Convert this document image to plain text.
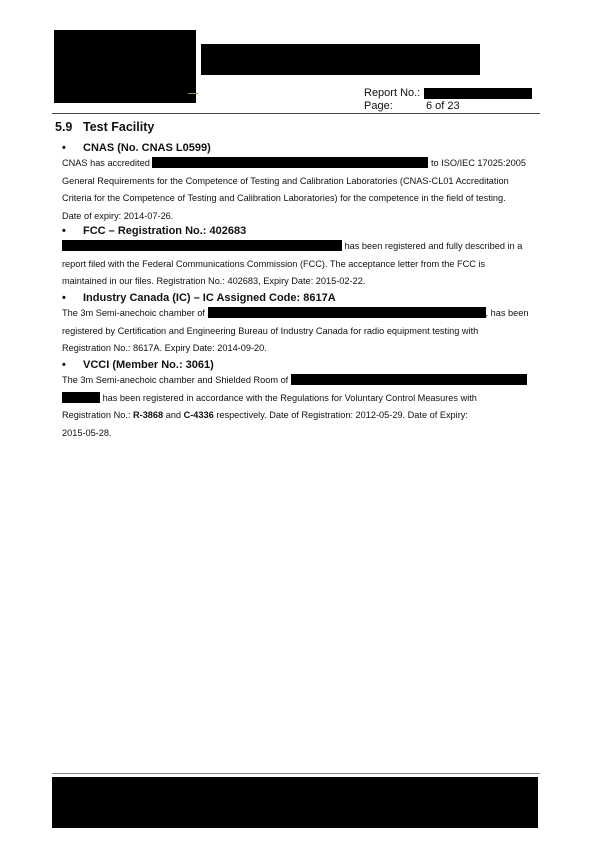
Report No.:
Page:	6 of 23
5.9 Test Facility
• CNAS (No. CNAS L0599)
CNAS has accredited	to ISO/IEC 17025:2005
General Requirements for the Competence of Testing and Calibration Laboratories (CNAS-CL01 Accreditation
Criteria for the Competence of Testing and Calibration Laboratories) for the competence in the field of testing.
Date of expiry: 2014-07-26.
• FCC – Registration No.: 402683
has been registered and fully described in a
report filed with the Federal Communications Commission (FCC). The acceptance letter from the FCC is
maintained in our files. Registration No.: 402683, Expiry Date: 2015-02-22.
• Industry Canada (IC) – IC Assigned Code: 8617A
The 3m Semi-anechoic chamber of	, has been
registered by Certification and Engineering Bureau of Industry Canada for radio equipment testing with
Registration No.: 8617A. Expiry Date: 2014-09-20.
• VCCI (Member No.: 3061)
The 3m Semi-anechoic chamber and Shielded Room of
has been registered in accordance with the Regulations for Voluntary Control Measures with
Registration No.: R-3868 and C-4336 respectively. Date of Registration: 2012-05-29. Date of Expiry:
2015-05-28.
